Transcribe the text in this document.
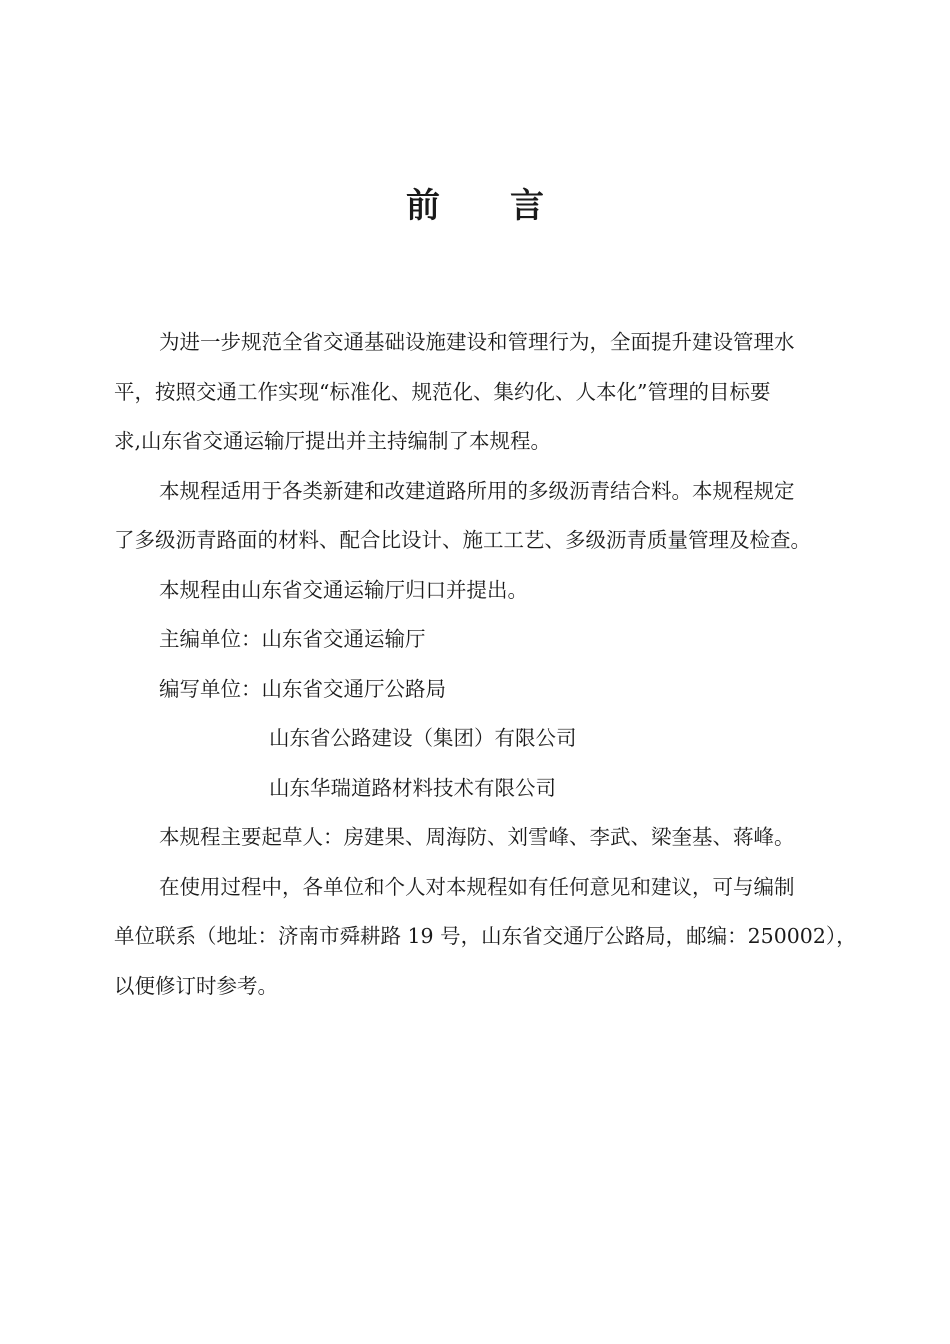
前 言

为进一步规范全省交通基础设施建设和管理行为，全面提升建设管理水
平，按照交通工作实现“标准化、规范化、集约化、人本化”管理的目标要
求,山东省交通运输厅提出并主持编制了本规程。

本规程适用于各类新建和改建道路所用的多级沥青结合料。本规程规定
了多级沥青路面的材料、配合比设计、施工工艺、多级沥青质量管理及检查。

本规程由山东省交通运输厅归口并提出。

主编单位：山东省交通运输厅

编写单位：山东省交通厅公路局

山东省公路建设（集团）有限公司

山东华瑞道路材料技术有限公司

本规程主要起草人：房建果、周海防、刘雪峰、李武、梁奎基、蒋峰。

在使用过程中，各单位和个人对本规程如有任何意见和建议，可与编制
单位联系（地址：济南市舜耕路 19 号，山东省交通厅公路局，邮编：250002），
以便修订时参考。
